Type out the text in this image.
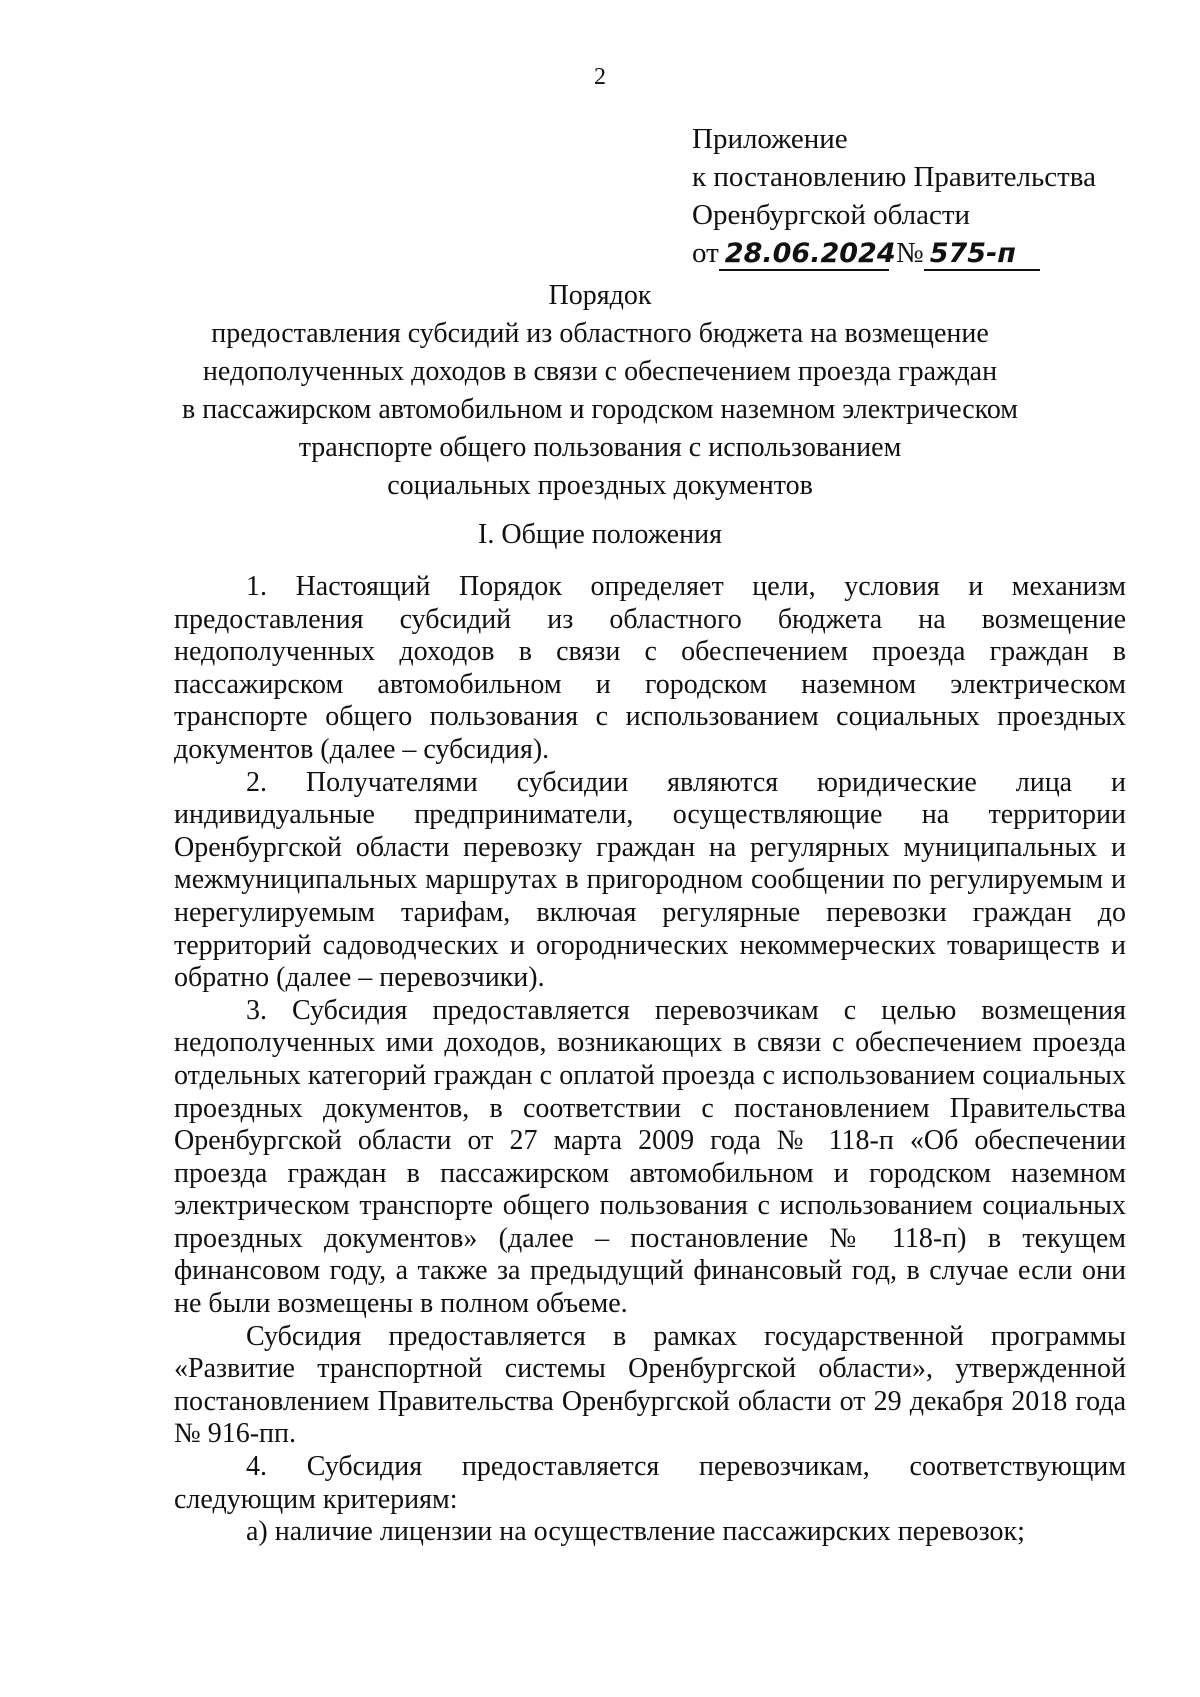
2
Приложение
к постановлению Правительства
Оренбургской области
от 28.06.2024 № 575-п
Порядок
предоставления субсидий из областного бюджета на возмещение
недополученных доходов в связи с обеспечением проезда граждан
в пассажирском автомобильном и городском наземном электрическом
транспорте общего пользования с использованием
социальных проездных документов
I. Общие положения

1. Настоящий Порядок определяет цели, условия и механизм предоставления субсидий из областного бюджета на возмещение недополученных доходов в связи с обеспечением проезда граждан в пассажирском автомобильном и городском наземном электрическом транспорте общего пользования с использованием социальных проездных документов (далее – субсидия).

2. Получателями субсидии являются юридические лица и индивидуальные предприниматели, осуществляющие на территории Оренбургской области перевозку граждан на регулярных муниципальных и межмуниципальных маршрутах в пригородном сообщении по регулируемым и нерегулируемым тарифам, включая регулярные перевозки граждан до территорий садоводческих и огороднических некоммерческих товариществ и обратно (далее – перевозчики).

3. Субсидия предоставляется перевозчикам с целью возмещения недополученных ими доходов, возникающих в связи с обеспечением проезда отдельных категорий граждан с оплатой проезда с использованием социальных проездных документов, в соответствии с постановлением Правительства Оренбургской области от 27 марта 2009 года № 118-п «Об обеспечении проезда граждан в пассажирском автомобильном и городском наземном электрическом транспорте общего пользования с использованием социальных проездных документов» (далее – постановление № 118-п) в текущем финансовом году, а также за предыдущий финансовый год, в случае если они не были возмещены в полном объеме.

Субсидия предоставляется в рамках государственной программы «Развитие транспортной системы Оренбургской области», утвержденной постановлением Правительства Оренбургской области от 29 декабря 2018 года № 916-пп.

4. Субсидия предоставляется перевозчикам, соответствующим следующим критериям:

а) наличие лицензии на осуществление пассажирских перевозок;
